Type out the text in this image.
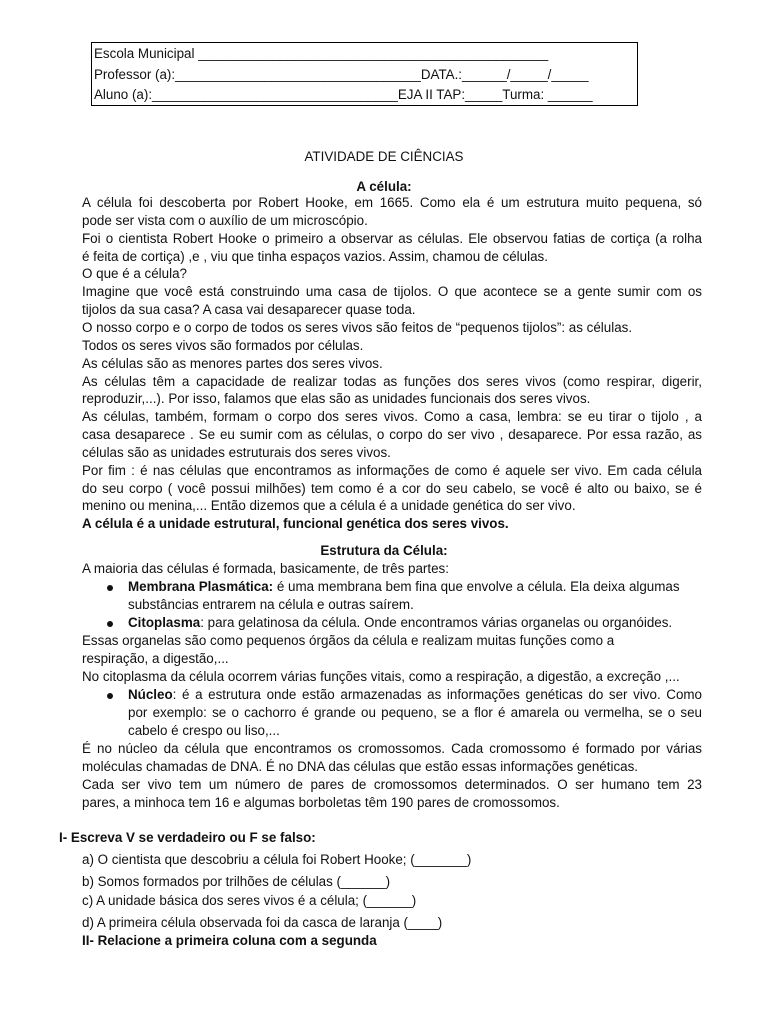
Escola Municipal _______________________________________________
Professor (a):_________________________________DATA.:______/_____/_____
Aluno (a):_________________________________EJA II TAP:_____Turma: ______
ATIVIDADE DE CIÊNCIAS
A célula:
A célula foi descoberta por Robert Hooke, em 1665. Como ela é um estrutura muito pequena, só
pode ser vista com o auxílio de um microscópio.
Foi o cientista Robert Hooke o primeiro a observar as células. Ele observou fatias de cortiça (a rolha
é feita de cortiça) ,e , viu que tinha espaços vazios. Assim, chamou de células.
O que é a célula?
Imagine que você está construindo uma casa de tijolos. O que acontece se a gente sumir com os
tijolos da sua casa? A casa vai desaparecer quase toda.
O nosso corpo e o corpo de todos os seres vivos são feitos de “pequenos tijolos”: as células.
Todos os seres vivos são formados por células.
As células são as menores partes dos seres vivos.
As células têm a capacidade de realizar todas as funções dos seres vivos (como respirar, digerir,
reproduzir,...). Por isso, falamos que elas são as unidades funcionais dos seres vivos.
As células, também, formam o corpo dos seres vivos. Como a casa, lembra: se eu tirar o tijolo , a
casa desaparece . Se eu sumir com as células, o corpo do ser vivo , desaparece. Por essa razão, as
células são as unidades estruturais dos seres vivos.
Por fim : é nas células que encontramos as informações de como é aquele ser vivo. Em cada célula
do seu corpo ( você possui milhões) tem como é a cor do seu cabelo, se você é alto ou baixo, se é
menino ou menina,... Então dizemos que a célula é a unidade genética do ser vivo.
A célula é a unidade estrutural, funcional genética dos seres vivos.
Estrutura da Célula:
A maioria das células é formada, basicamente, de três partes:
Membrana Plasmática: é uma membrana bem fina que envolve a célula. Ela deixa algumas
substâncias entrarem na célula e outras saírem.
Citoplasma: para gelatinosa da célula. Onde encontramos várias organelas ou organóides.
Essas organelas são como pequenos órgãos da célula e realizam muitas funções como a
respiração, a digestão,...
No citoplasma da célula ocorrem várias funções vitais, como a respiração, a digestão, a excreção ,...
Núcleo: é a estrutura onde estão armazenadas as informações genéticas do ser vivo. Como
por exemplo: se o cachorro é grande ou pequeno, se a flor é amarela ou vermelha, se o seu
cabelo é crespo ou liso,...
É no núcleo da célula que encontramos os cromossomos. Cada cromossomo é formado por várias
moléculas chamadas de DNA. É no DNA das células que estão essas informações genéticas.
Cada ser vivo tem um número de pares de cromossomos determinados. O ser humano tem 23
pares, a minhoca tem 16 e algumas borboletas têm 190 pares de cromossomos.
I- Escreva V se verdadeiro ou F se falso:
a) O cientista que descobriu a célula foi Robert Hooke; (_______)
b) Somos formados por trilhões de células (______)
c) A unidade básica dos seres vivos é a célula; (______)
d) A primeira célula observada foi da casca de laranja (____)
II- Relacione a primeira coluna com a segunda
